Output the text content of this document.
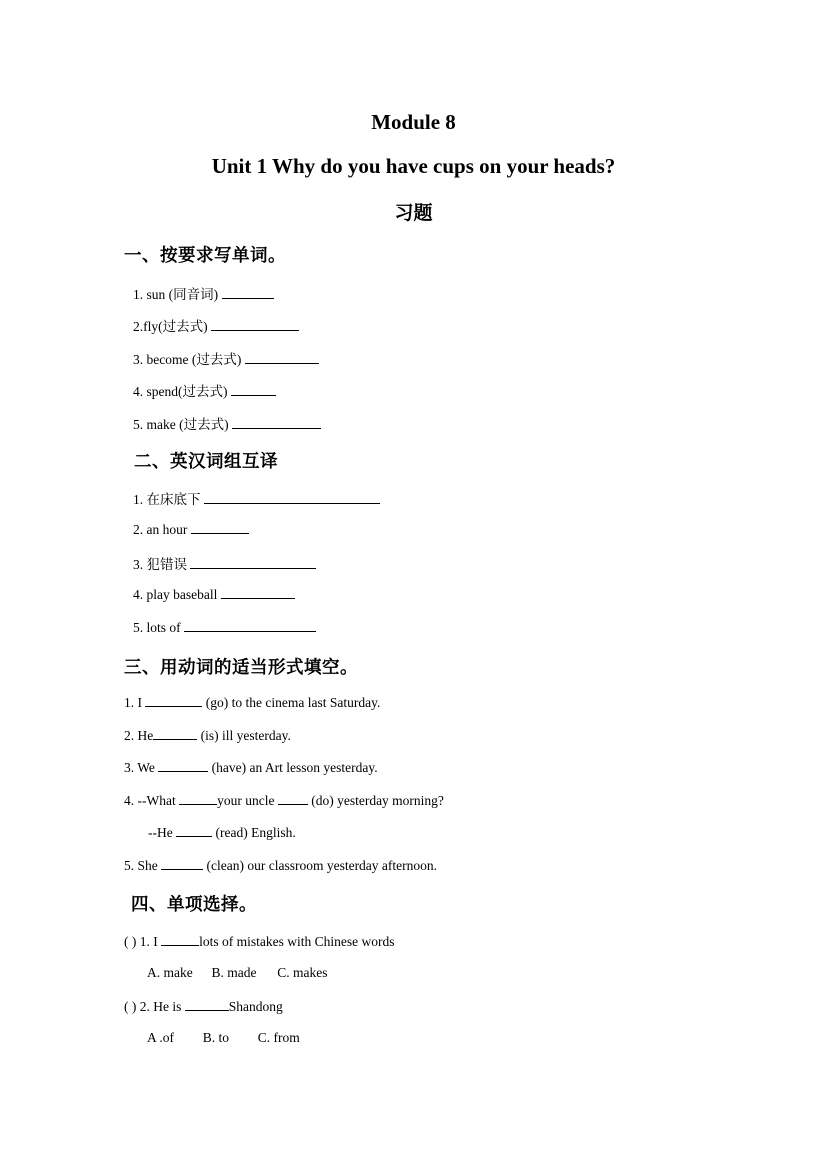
Module 8
Unit 1 Why do you have cups on your heads?
习题
一、按要求写单词。
1. sun (同音词)
2.fly(过去式)
3. become (过去式)
4. spend(过去式)
5. make (过去式)
二、英汉词组互译
1. 在床底下
2. an hour
3. 犯错误
4. play baseball
5. lots of
三、用动词的适当形式填空。
1. I	(go) to the cinema last Saturday.
2. He	(is) ill yesterday.
3. We	(have) an Art lesson yesterday.
4. --What	your uncle	(do) yesterday morning?
--He	(read) English.
5. She	(clean) our classroom yesterday afternoon.
四、单项选择。
( ) 1. I	lots of mistakes with Chinese words
A. make B. made C. makes
( ) 2. He is	Shandong
A .of B. to C. from
